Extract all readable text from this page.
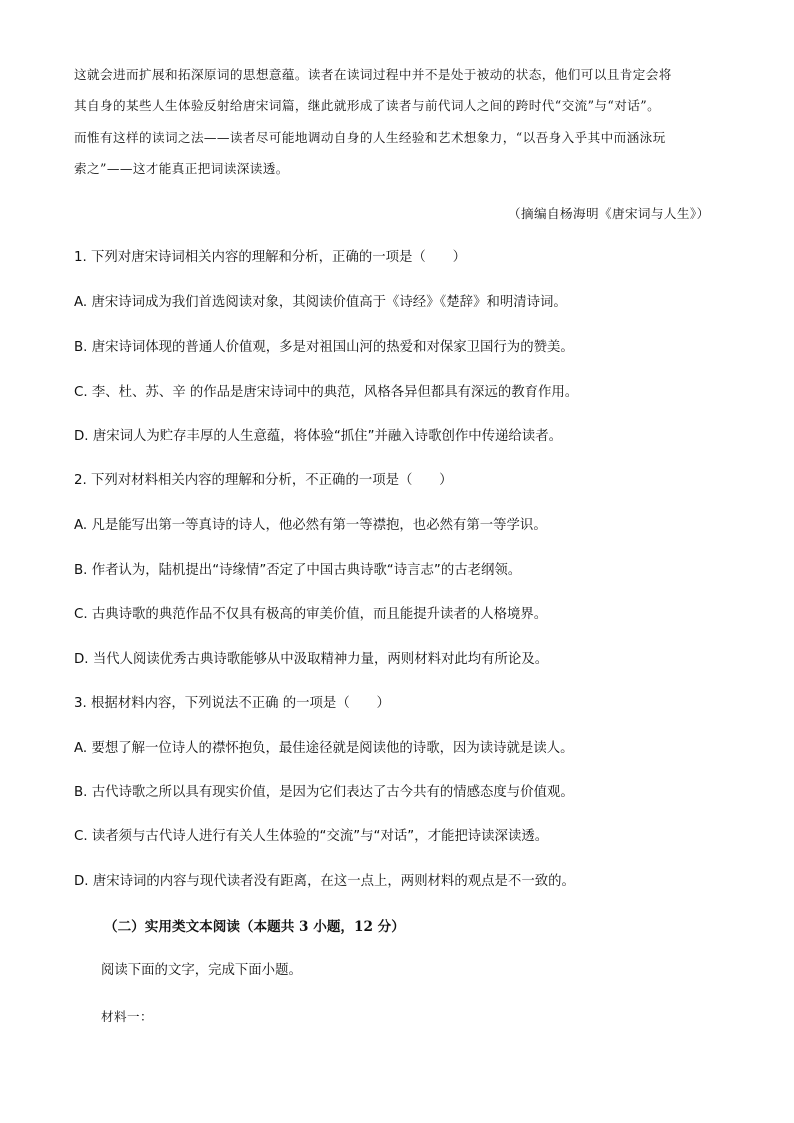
这就会进而扩展和拓深原词的思想意蕴。读者在读词过程中并不是处于被动的状态，他们可以且肯定会将
其自身的某些人生体验反射给唐宋词篇，继此就形成了读者与前代词人之间的跨时代“交流”与“对话”。
而惟有这样的读词之法——读者尽可能地调动自身的人生经验和艺术想象力，“以吾身入乎其中而涵泳玩
索之”——这才能真正把词读深读透。
（摘编自杨海明《唐宋词与人生》）
1. 下列对唐宋诗词相关内容的理解和分析，正确的一项是（　　）
A. 唐宋诗词成为我们首选阅读对象，其阅读价值高于《诗经》《楚辞》和明清诗词。
B. 唐宋诗词体现的普通人价值观，多是对祖国山河的热爱和对保家卫国行为的赞美。
C. 李、杜、苏、辛 的作品是唐宋诗词中的典范，风格各异但都具有深远的教育作用。
D. 唐宋词人为贮存丰厚的人生意蕴，将体验“抓住”并融入诗歌创作中传递给读者。
2. 下列对材料相关内容的理解和分析，不正确的一项是（　　）
A. 凡是能写出第一等真诗的诗人，他必然有第一等襟抱，也必然有第一等学识。
B. 作者认为，陆机提出“诗缘情”否定了中国古典诗歌“诗言志”的古老纲领。
C. 古典诗歌的典范作品不仅具有极高的审美价值，而且能提升读者的人格境界。
D. 当代人阅读优秀古典诗歌能够从中汲取精神力量，两则材料对此均有所论及。
3. 根据材料内容，下列说法不正确 的一项是（　　）
A. 要想了解一位诗人的襟怀抱负，最佳途径就是阅读他的诗歌，因为读诗就是读人。
B. 古代诗歌之所以具有现实价值，是因为它们表达了古今共有的情感态度与价值观。
C. 读者须与古代诗人进行有关人生体验的“交流”与“对话”，才能把诗读深读透。
D. 唐宋诗词的内容与现代读者没有距离，在这一点上，两则材料的观点是不一致的。
（二）实用类文本阅读（本题共 3 小题，12 分）
阅读下面的文字，完成下面小题。
材料一：
